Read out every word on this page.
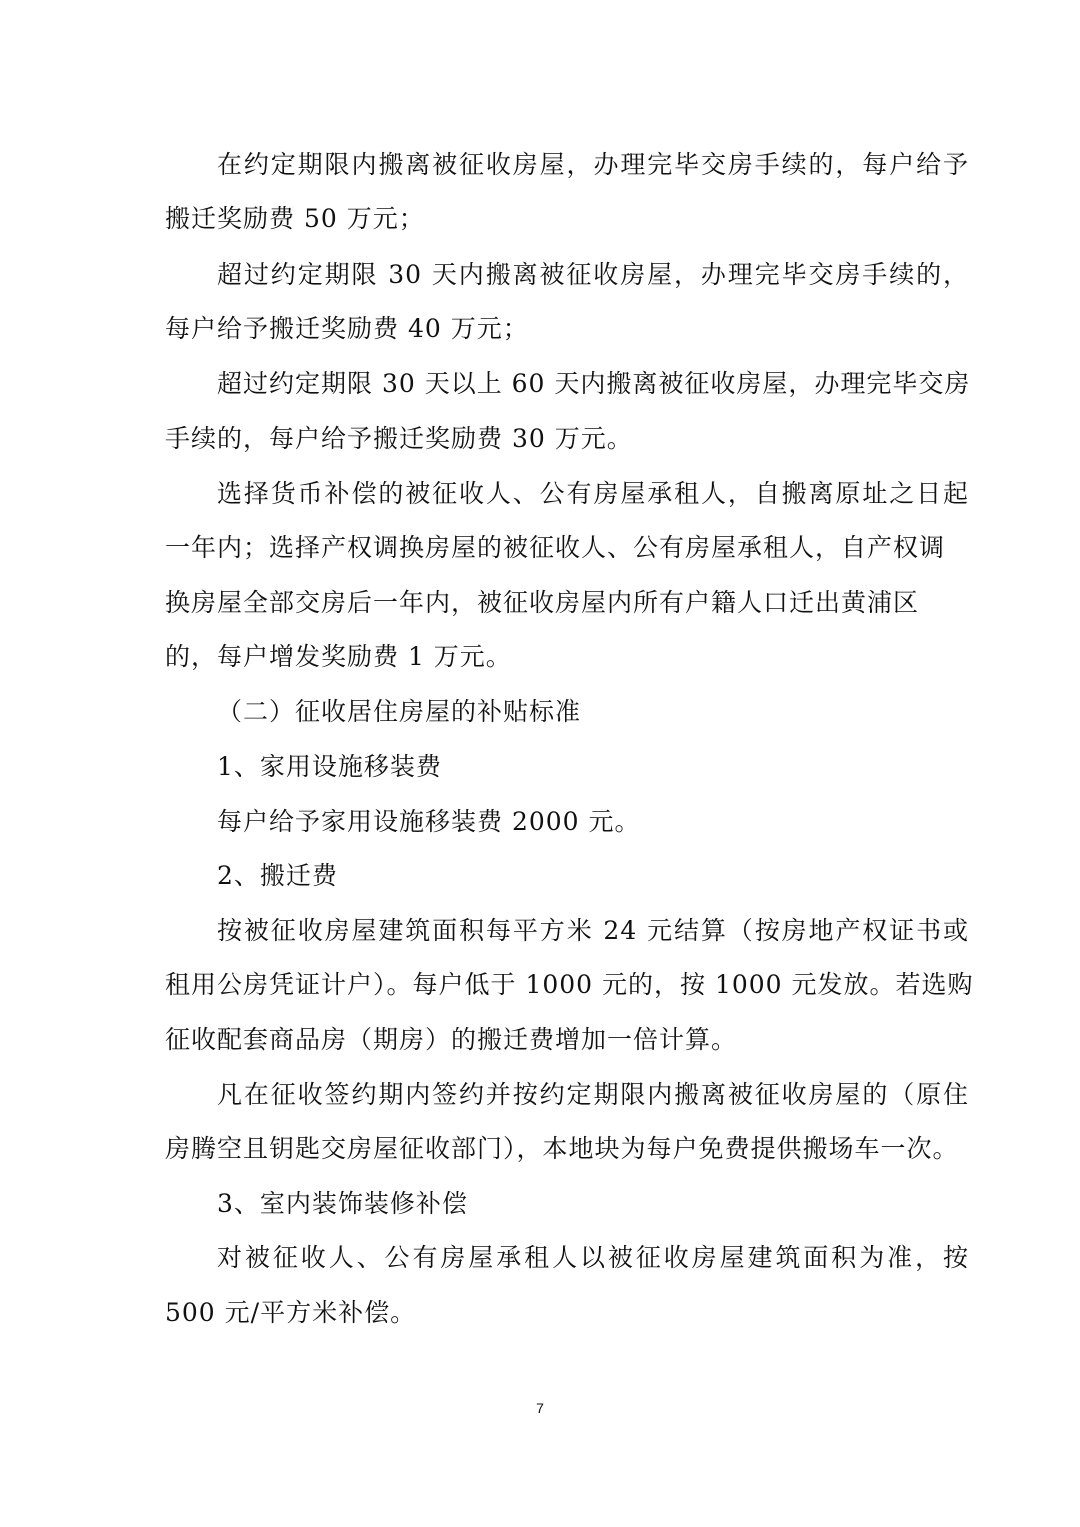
在约定期限内搬离被征收房屋，办理完毕交房手续的，每户给予
搬迁奖励费 50 万元；
超过约定期限 30 天内搬离被征收房屋，办理完毕交房手续的，
每户给予搬迁奖励费 40 万元；
超过约定期限 30 天以上 60 天内搬离被征收房屋，办理完毕交房
手续的，每户给予搬迁奖励费 30 万元。
选择货币补偿的被征收人、公有房屋承租人，自搬离原址之日起
一年内；选择产权调换房屋的被征收人、公有房屋承租人，自产权调
换房屋全部交房后一年内，被征收房屋内所有户籍人口迁出黄浦区
的，每户增发奖励费 1 万元。
（二）征收居住房屋的补贴标准
1、家用设施移装费
每户给予家用设施移装费 2000 元。
2、搬迁费
按被征收房屋建筑面积每平方米 24 元结算（按房地产权证书或
租用公房凭证计户）。每户低于 1000 元的，按 1000 元发放。若选购
征收配套商品房（期房）的搬迁费增加一倍计算。
凡在征收签约期内签约并按约定期限内搬离被征收房屋的（原住
房腾空且钥匙交房屋征收部门），本地块为每户免费提供搬场车一次。
3、室内装饰装修补偿
对被征收人、公有房屋承租人以被征收房屋建筑面积为准，按
500 元/平方米补偿。
7
